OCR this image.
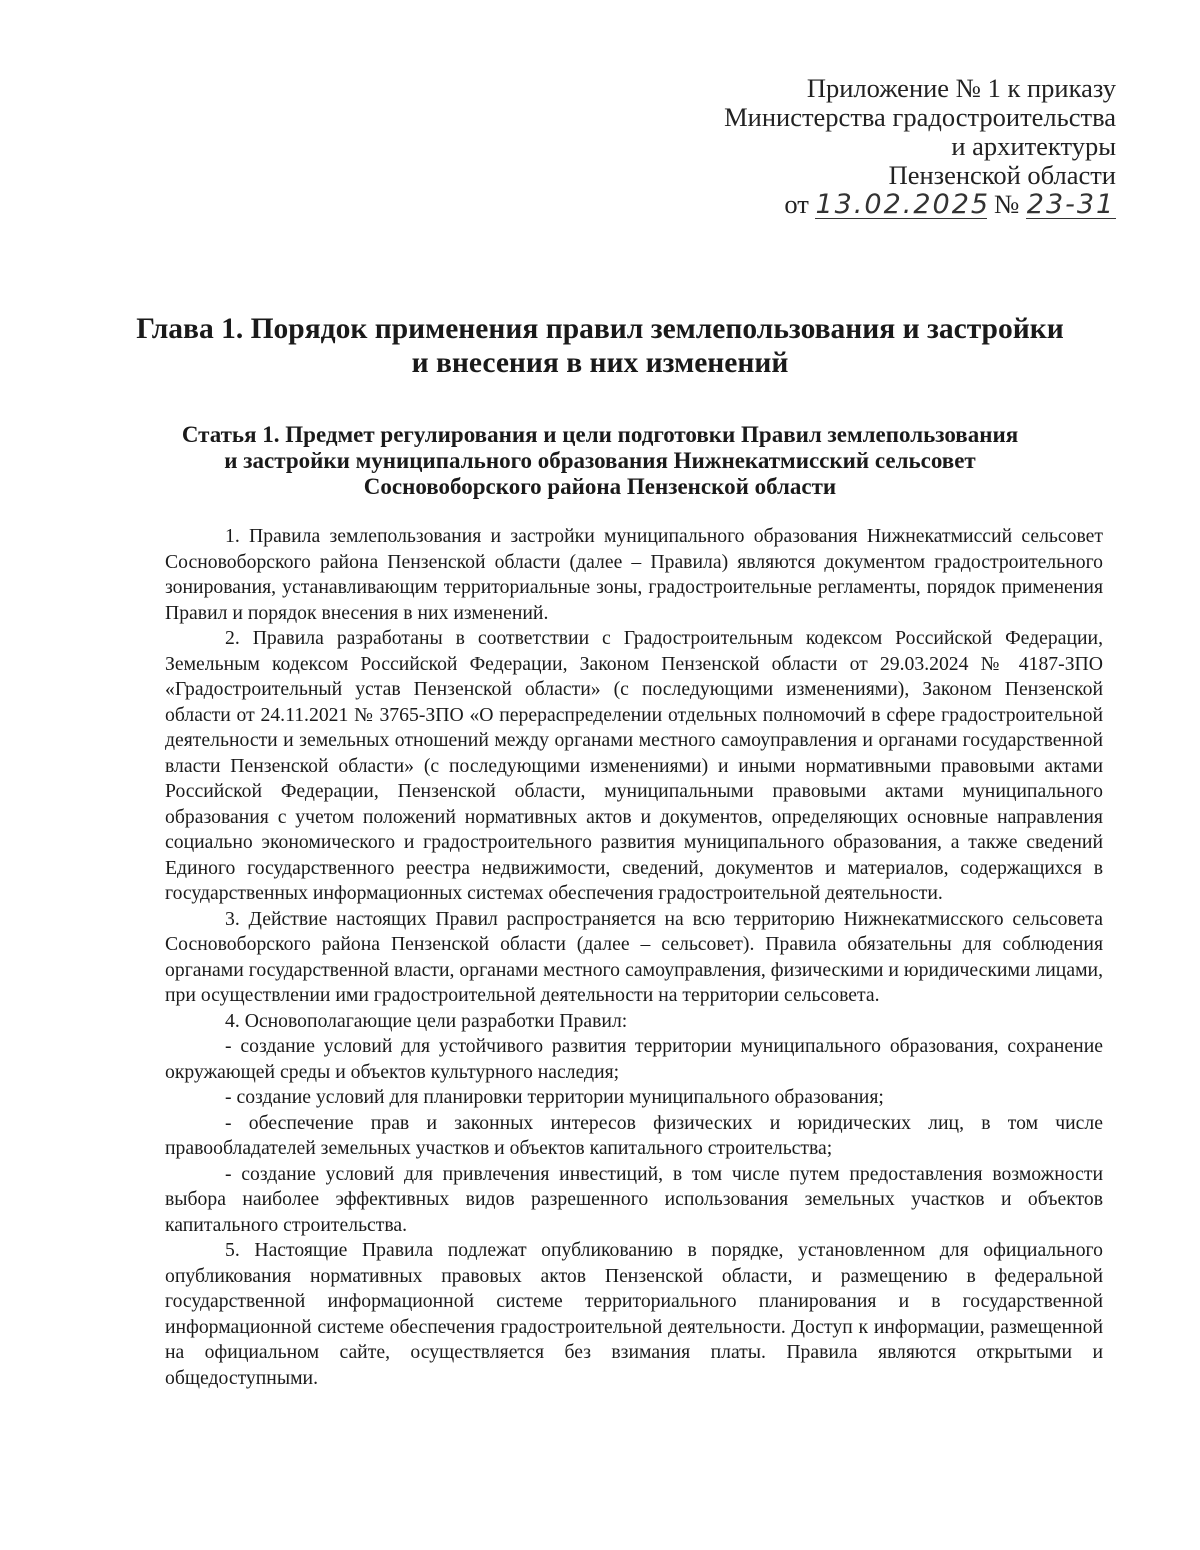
Приложение № 1 к приказу
Министерства градостроительства
и архитектуры
Пензенской области
от 13.02.2025 № 23-31
Глава 1. Порядок применения правил землепользования и застройки
и внесения в них изменений
Статья 1. Предмет регулирования и цели подготовки Правил землепользования
и застройки муниципального образования Нижнекатмисский сельсовет
Сосновоборского района Пензенской области

1. Правила землепользования и застройки муниципального образования Нижнекатмиссий сельсовет Сосновоборского района Пензенской области (далее – Правила) являются документом градостроительного зонирования, устанавливающим территориальные зоны, градостроительные регламенты, порядок применения Правил и порядок внесения в них изменений.

2. Правила разработаны в соответствии с Градостроительным кодексом Российской Федерации, Земельным кодексом Российской Федерации, Законом Пензенской области от 29.03.2024 № 4187-ЗПО «Градостроительный устав Пензенской области» (с последующими изменениями), Законом Пензенской области от 24.11.2021 № 3765-ЗПО «О перераспределении отдельных полномочий в сфере градостроительной деятельности и земельных отношений между органами местного самоуправления и органами государственной власти Пензенской области» (с последующими изменениями) и иными нормативными правовыми актами Российской Федерации, Пензенской области, муниципальными правовыми актами муниципального образования с учетом положений нормативных актов и документов, определяющих основные направления социально экономического и градостроительного развития муниципального образования, а также сведений Единого государственного реестра недвижимости, сведений, документов и материалов, содержащихся в государственных информационных системах обеспечения градостроительной деятельности.

3. Действие настоящих Правил распространяется на всю территорию Нижнекатмисского сельсовета Сосновоборского района Пензенской области (далее – сельсовет). Правила обязательны для соблюдения органами государственной власти, органами местного самоуправления, физическими и юридическими лицами, при осуществлении ими градостроительной деятельности на территории сельсовета.

4. Основополагающие цели разработки Правил:

- создание условий для устойчивого развития территории муниципального образования, сохранение окружающей среды и объектов культурного наследия;

- создание условий для планировки территории муниципального образования;

- обеспечение прав и законных интересов физических и юридических лиц, в том числе правообладателей земельных участков и объектов капитального строительства;

- создание условий для привлечения инвестиций, в том числе путем предоставления возможности выбора наиболее эффективных видов разрешенного использования земельных участков и объектов капитального строительства.

5. Настоящие Правила подлежат опубликованию в порядке, установленном для официального опубликования нормативных правовых актов Пензенской области, и размещению в федеральной государственной информационной системе территориального планирования и в государственной информационной системе обеспечения градостроительной деятельности. Доступ к информации, размещенной на официальном сайте, осуществляется без взимания платы. Правила являются открытыми и общедоступными.
